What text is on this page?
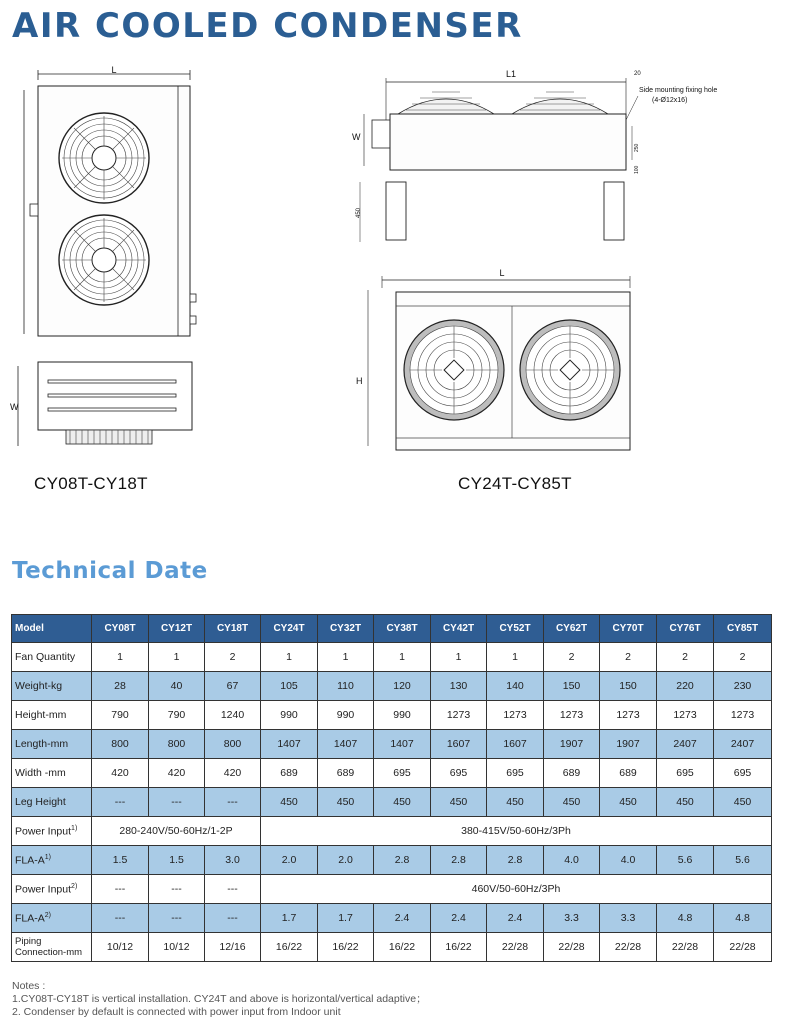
AIR COOLED CONDENSER
L
W
CY08T-CY18T
L1	20
Side mounting fixing hole
(4-Ø12x16)
W
250
100
450
L
H
CY24T-CY85T
Technical Date
Model	CY08T	CY12T	CY18T	CY24T	CY32T	CY38T	CY42T	CY52T	CY62T	CY70T	CY76T	CY85T
Fan Quantity	1	1	2	1	1	1	1	1	2	2	2	2
Weight-kg	28	40	67	105	110	120	130	140	150	150	220	230
Height-mm	790	790	1240	990	990	990	1273	1273	1273	1273	1273	1273
Length-mm	800	800	800	1407	1407	1407	1607	1607	1907	1907	2407	2407
Width -mm	420	420	420	689	689	695	695	695	689	689	695	695
Leg Height	---	---	---	450	450	450	450	450	450	450	450	450
Power Input$^{1)}$	280-240V/50-60Hz/1-2P			380-415V/50-60Hz/3Ph								
FLA-$A^{1)}$	1.5	1.5	3.0	2.0	2.0	2.8	2.8	2.8	4.0	4.0	5.6	5.6
Power Input$^{2)}$	---	---	---	460V/50-60Hz/3Ph								
FLA-$A^{2)}$	---	---	---	1.7	1.7	2.4	2.4	2.4	3.3	3.3	4.8	4.8
Piping Connection-mm	10/12	10/12	12/16	16/22	16/22	16/22	16/22	22/28	22/28	22/28	22/28	22/28
Notes :
1.CY08T-CY18T is vertical installation. CY24T and above is horizontal/vertical adaptive；
2. Condenser by default is connected with power input from Indoor unit
